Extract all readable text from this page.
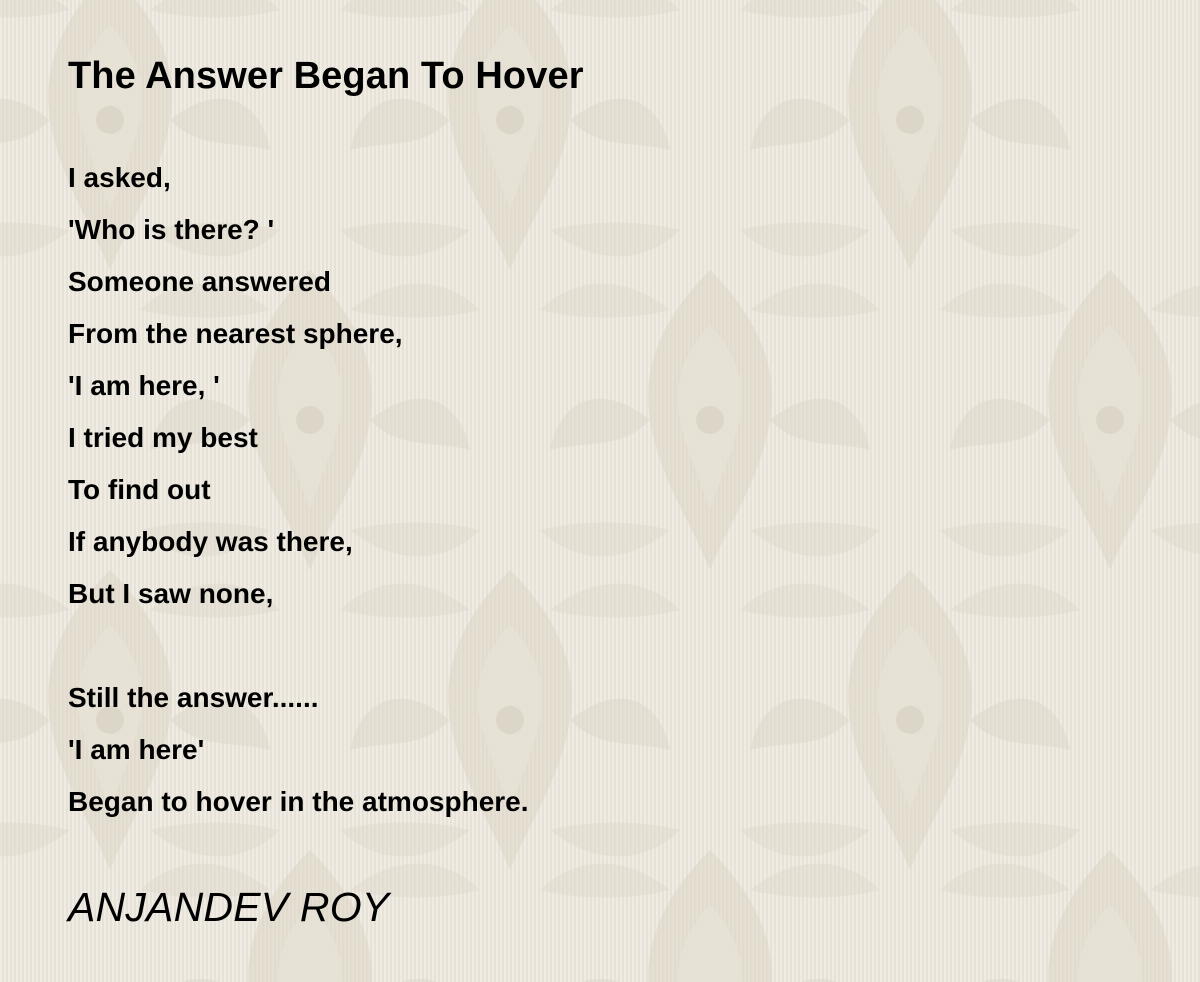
The Answer Began To Hover
I asked,
'Who is there? '
Someone answered
From the nearest sphere,
'I am here, '
I tried my best
To find out
If anybody was there,
But I saw none,
Still the answer......
'I am here'
Began to hover in the atmosphere.
ANJANDEV ROY
